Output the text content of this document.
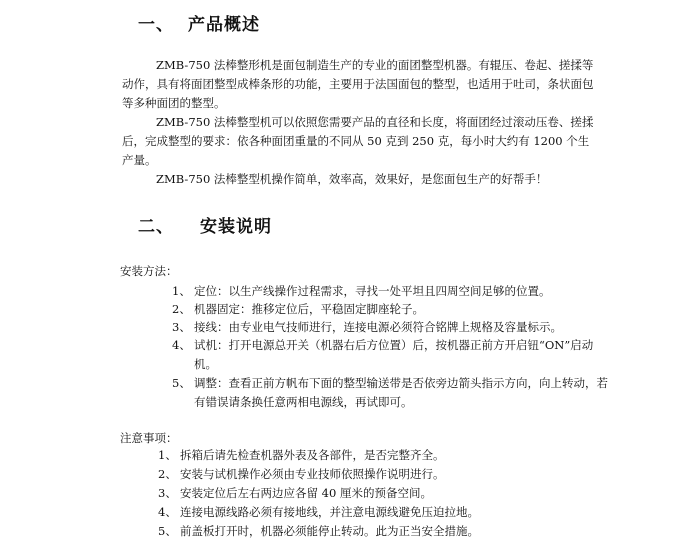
一、 产品概述
ZMB-750 法棒整形机是面包制造生产的专业的面团整型机器。有辊压、卷起、搓揉等动作，具有将面团整型成棒条形的功能，主要用于法国面包的整型，也适用于吐司，条状面包等多种面团的整型。
ZMB-750 法棒整型机可以依照您需要产品的直径和长度，将面团经过滚动压卷、搓揉后，完成整型的要求：依各种面团重量的不同从 50 克到 250 克，每小时大约有 1200 个生产量。
ZMB-750 法棒整型机操作简单，效率高，效果好，是您面包生产的好帮手！
二、 安装说明
安装方法：
1、 定位：以生产线操作过程需求，寻找一处平坦且四周空间足够的位置。
2、 机器固定：推移定位后，平稳固定脚座轮子。
3、 接线：由专业电气技师进行，连接电源必须符合铭牌上规格及容量标示。
4、 试机：打开电源总开关（机器右后方位置）后，按机器正前方开启钮“ON”启动机。
5、 调整：查看正前方帆布下面的整型输送带是否依旁边箭头指示方向，向上转动，若有错误请条换任意两相电源线，再试即可。
注意事项：
1、 拆箱后请先检查机器外表及各部件，是否完整齐全。
2、 安装与试机操作必须由专业技师依照操作说明进行。
3、 安装定位后左右两边应各留 40 厘米的预备空间。
4、 连接电源线路必须有接地线，并注意电源线避免压迫拉地。
5、 前盖板打开时，机器必须能停止转动。此为正当安全措施。
